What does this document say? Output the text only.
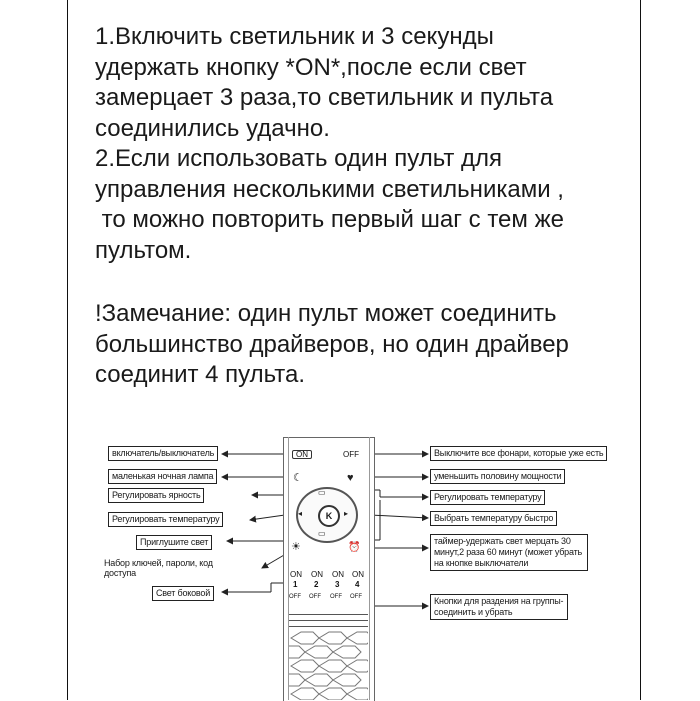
1.Включить светильник и 3 секунды
удержать кнопку *ON*,после если свет
замерцает 3 раза,то светильник и пульта
соединились удачно.

2.Если использовать один пульт для
управления несколькими светильниками ,
то можно повторить первый шаг с тем же
пультом.

!Замечание: один пульт может соединить
большинство драйверов, но один драйвер
соединит 4 пульта.

включатель/выключатель
маленькая ночная лампа
Регулировать ярность
Регулировать температуру
Приглушите свет
Набор ключей, пароли, код доступа
Свет боковой
Выключите все фонари, которые уже есть
уменьшить половину мощности
Регулировать температуру
Выбрать температуру быстро
таймер-удержать свет мерцать 30 минут,2 раза 60 минут (может убрать на кнопке выключатели
Кнопки для раздения на группы-соединить и убрать
ON	OFF
☾	♥
▭
▭
◂	▸
K
☀	⏰
ON ON ON ON
1 2 3 4
OFF OFF OFF OFF
